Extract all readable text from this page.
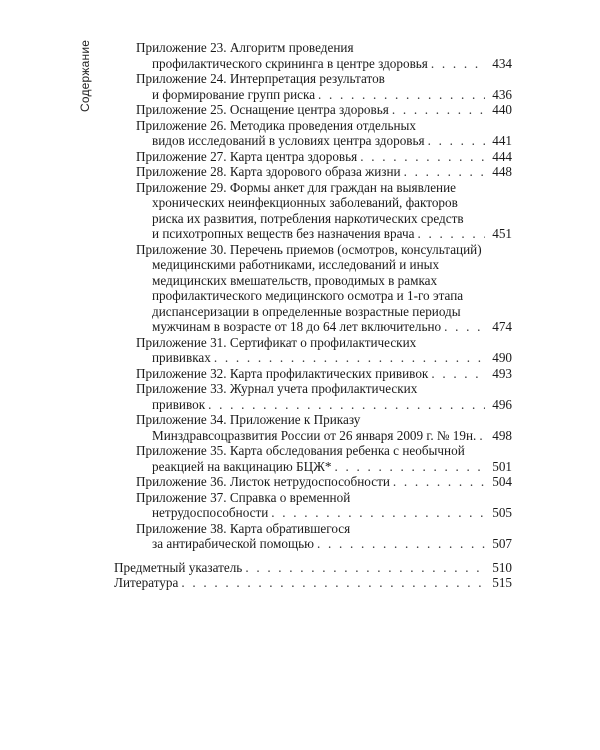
Содержание	Приложение 23. Алгоритм проведения
профилактического скрининга в центре здоровья . . .	434
Приложение 24. Интерпретация результатов
и формирование групп риска . . .	436
Приложение 25. Оснащение центра здоровья . . .	440
Приложение 26. Методика проведения отдельных
видов исследований в условиях центра здоровья . . .	441
Приложение 27. Карта центра здоровья . . .	444
Приложение 28. Карта здорового образа жизни . . .	448
Приложение 29. Формы анкет для граждан на выявление
хронических неинфекционных заболеваний, факторов
риска их развития, потребления наркотических средств
и психотропных веществ без назначения врача . . .	451
Приложение 30. Перечень приемов (осмотров, консультаций)
медицинскими работниками, исследований и иных
медицинских вмешательств, проводимых в рамках
профилактического медицинского осмотра и 1-го этапа
диспансеризации в определенные возрастные периоды
мужчинам в возрасте от 18 до 64 лет включительно . . .	474
Приложение 31. Сертификат о профилактических
прививках . . .	490
Приложение 32. Карта профилактических прививок . . .	493
Приложение 33. Журнал учета профилактических
прививок . . .	496
Приложение 34. Приложение к Приказу
Минздравсоцразвития России от 26 января 2009 г. № 19н. . . .	498
Приложение 35. Карта обследования ребенка с необычной
реакцией на вакцинацию БЦЖ* . . .	501
Приложение 36. Листок нетрудоспособности . . .	504
Приложение 37. Справка о временной
нетрудоспособности . . .	505
Приложение 38. Карта обратившегося
за антирабической помощью . . .	507
Предметный указатель . . .	510
Литература . . .	515
